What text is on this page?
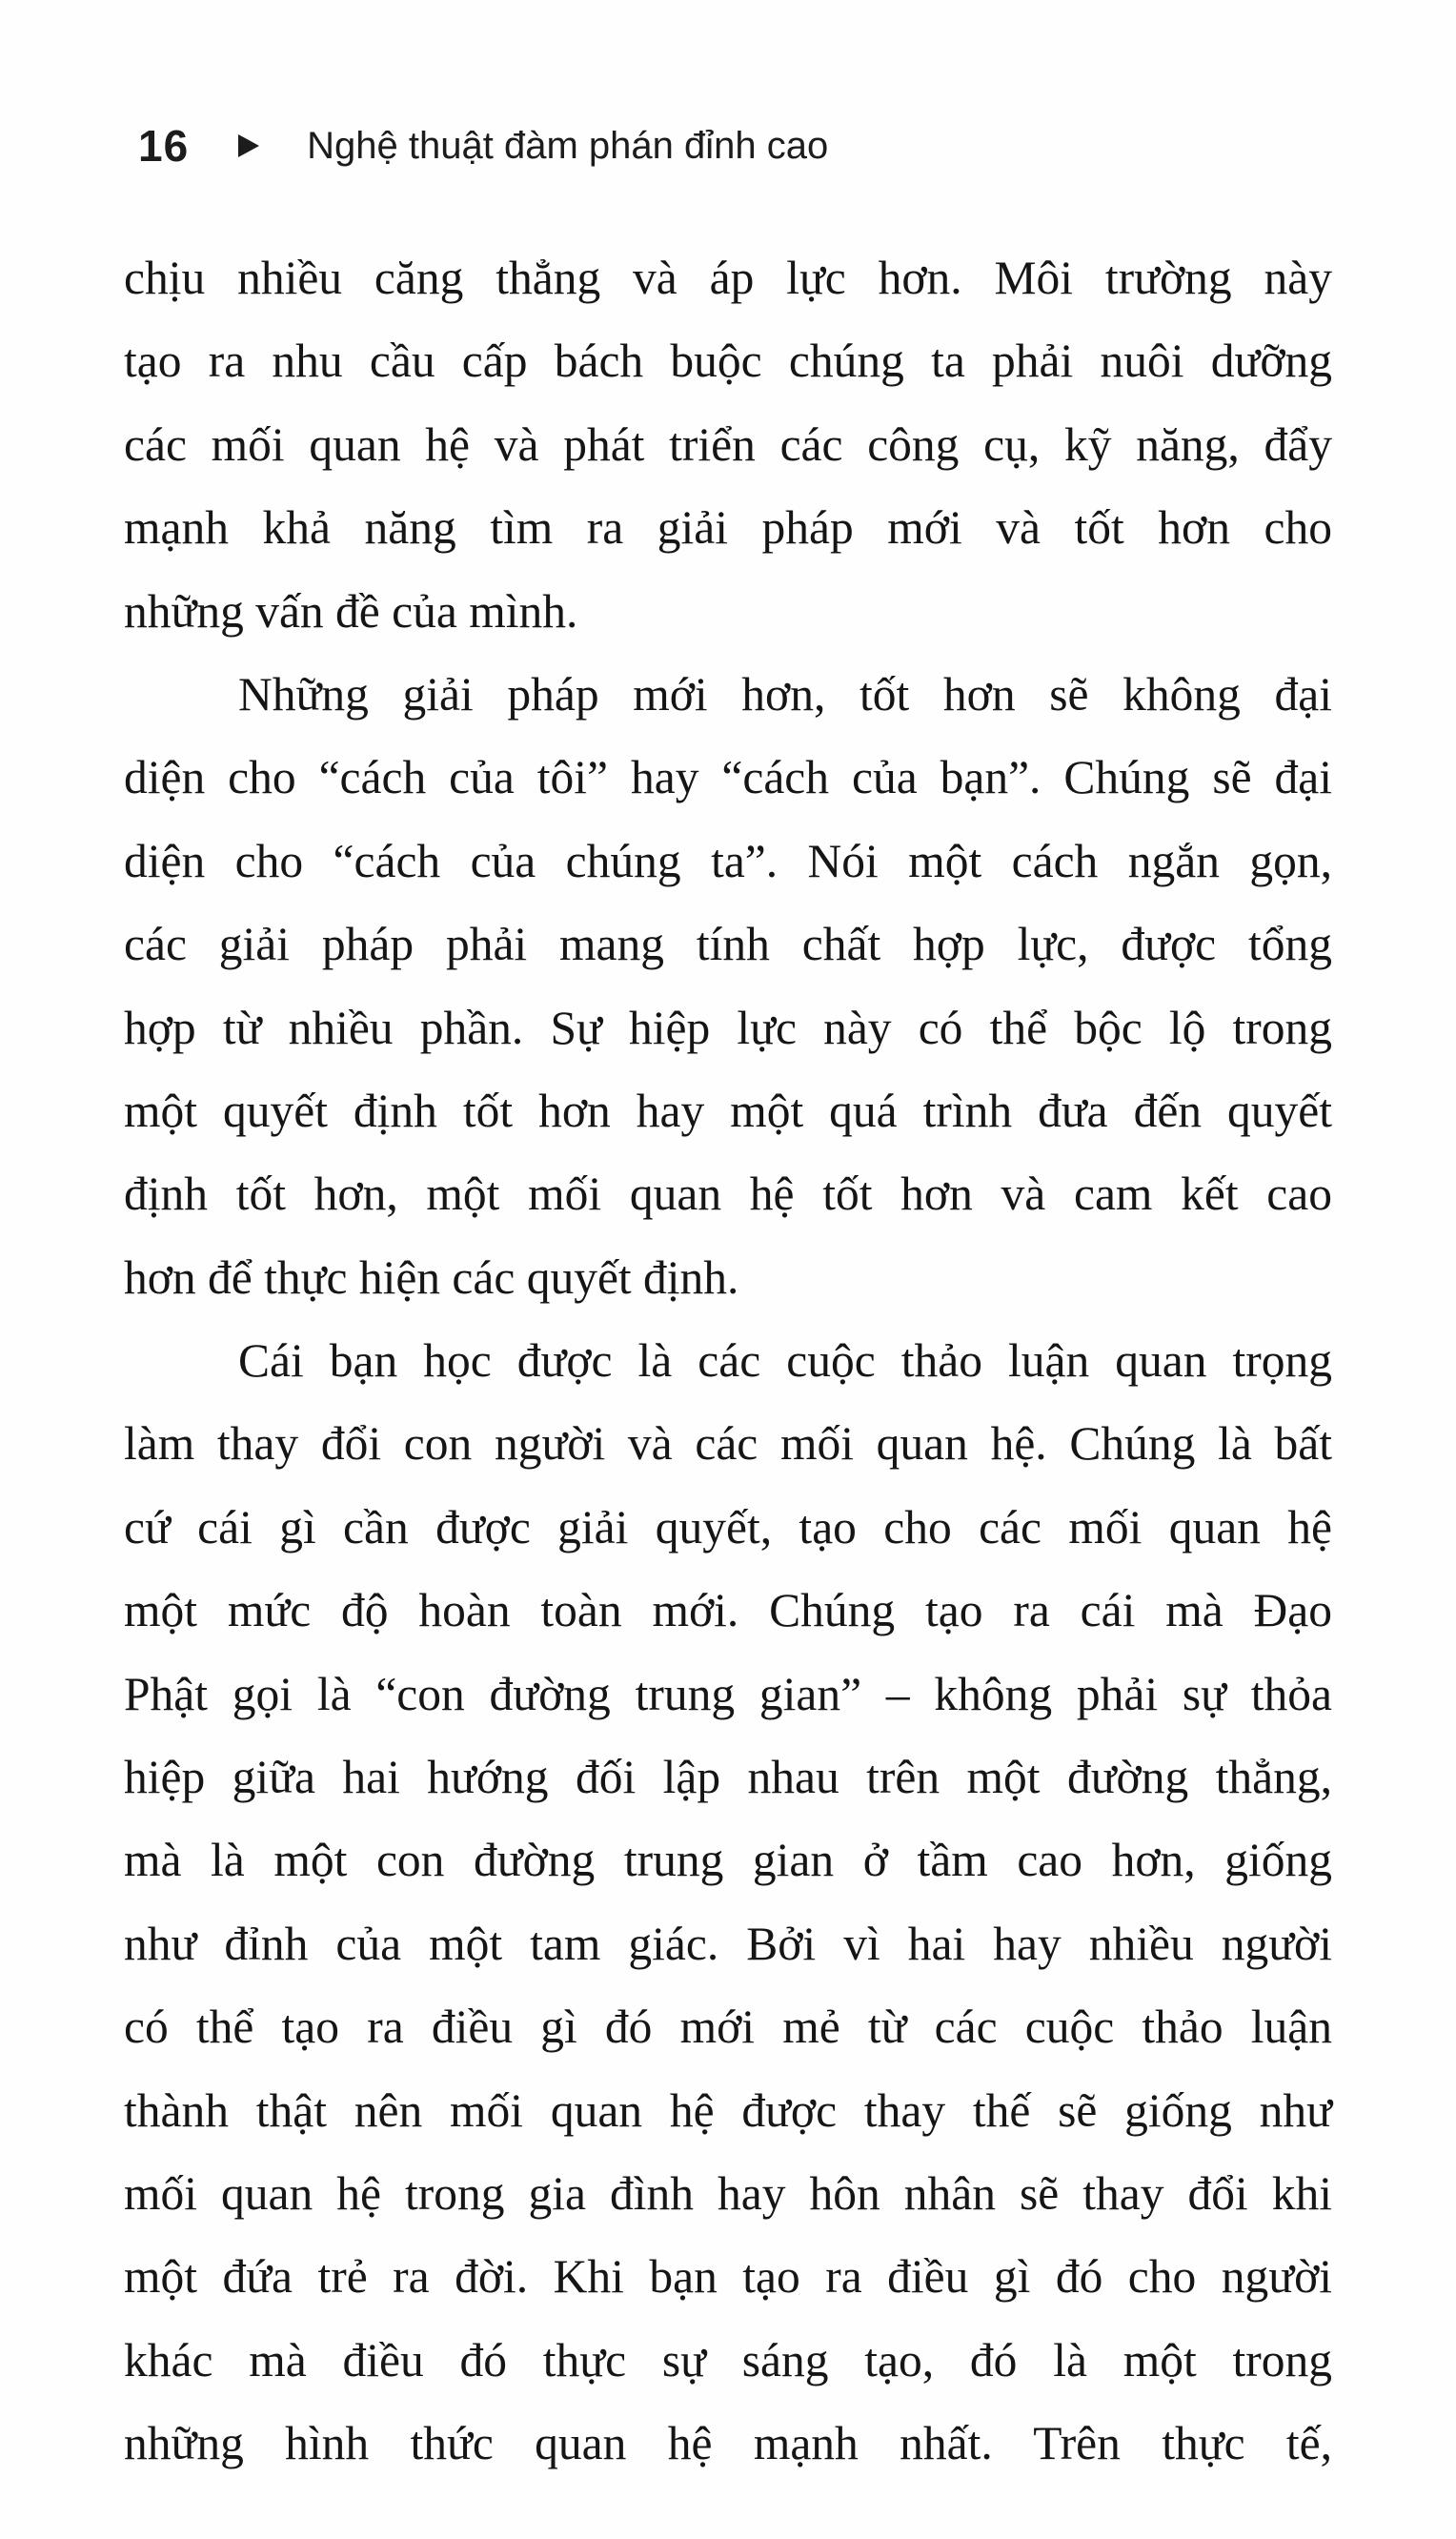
16	Nghệ thuật đàm phán đỉnh cao
chịu nhiều căng thẳng và áp lực hơn. Môi trường này
tạo ra nhu cầu cấp bách buộc chúng ta phải nuôi dưỡng
các mối quan hệ và phát triển các công cụ, kỹ năng, đẩy
mạnh khả năng tìm ra giải pháp mới và tốt hơn cho
những vấn đề của mình.
Những giải pháp mới hơn, tốt hơn sẽ không đại
diện cho “cách của tôi” hay “cách của bạn”. Chúng sẽ đại
diện cho “cách của chúng ta”. Nói một cách ngắn gọn,
các giải pháp phải mang tính chất hợp lực, được tổng
hợp từ nhiều phần. Sự hiệp lực này có thể bộc lộ trong
một quyết định tốt hơn hay một quá trình đưa đến quyết
định tốt hơn, một mối quan hệ tốt hơn và cam kết cao
hơn để thực hiện các quyết định.
Cái bạn học được là các cuộc thảo luận quan trọng
làm thay đổi con người và các mối quan hệ. Chúng là bất
cứ cái gì cần được giải quyết, tạo cho các mối quan hệ
một mức độ hoàn toàn mới. Chúng tạo ra cái mà Đạo
Phật gọi là “con đường trung gian” – không phải sự thỏa
hiệp giữa hai hướng đối lập nhau trên một đường thẳng,
mà là một con đường trung gian ở tầm cao hơn, giống
như đỉnh của một tam giác. Bởi vì hai hay nhiều người
có thể tạo ra điều gì đó mới mẻ từ các cuộc thảo luận
thành thật nên mối quan hệ được thay thế sẽ giống như
mối quan hệ trong gia đình hay hôn nhân sẽ thay đổi khi
một đứa trẻ ra đời. Khi bạn tạo ra điều gì đó cho người
khác mà điều đó thực sự sáng tạo, đó là một trong
những hình thức quan hệ mạnh nhất. Trên thực tế,
